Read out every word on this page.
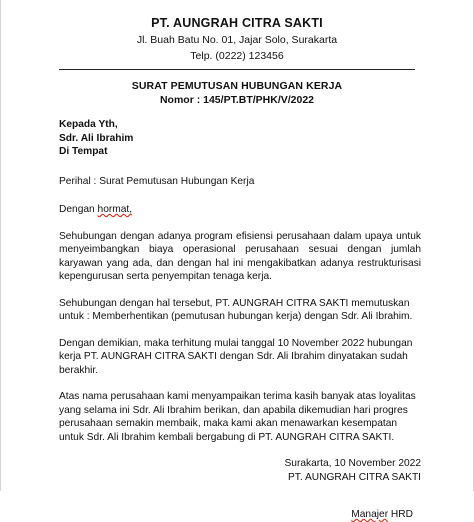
PT. AUNGRAH CITRA SAKTI
Jl. Buah Batu No. 01, Jajar Solo, Surakarta
Telp. (0222) 123456
SURAT PEMUTUSAN HUBUNGAN KERJA
Nomor : 145/PT.BT/PHK/V/2022
Kepada Yth,
Sdr. Ali Ibrahim
Di Tempat
Perihal : Surat Pemutusan Hubungan Kerja
Dengan hormat,
Sehubungan dengan adanya program efisiensi perusahaan dalam upaya untuk menyeimbangkan biaya operasional perusahaan sesuai dengan jumlah karyawan yang ada, dan dengan hal ini mengakibatkan adanya restrukturisasi kepengurusan serta penyempitan tenaga kerja.
Sehubungan dengan hal tersebut, PT. AUNGRAH CITRA SAKTI memutuskan untuk : Memberhentikan (pemutusan hubungan kerja) dengan Sdr. Ali Ibrahim.
Dengan demikian, maka terhitung mulai tanggal 10 November 2022 hubungan kerja PT. AUNGRAH CITRA SAKTI dengan Sdr. Ali Ibrahim dinyatakan sudah berakhir.
Atas nama perusahaan kami menyampaikan terima kasih banyak atas loyalitas yang selama ini Sdr. Ali Ibrahim berikan, dan apabila dikemudian hari progres perusahaan semakin membaik, maka kami akan menawarkan kesempatan untuk Sdr. Ali Ibrahim kembali bergabung di PT. AUNGRAH CITRA SAKTI.
Surakarta, 10 November 2022
PT. AUNGRAH CITRA SAKTI
Manajer HRD
